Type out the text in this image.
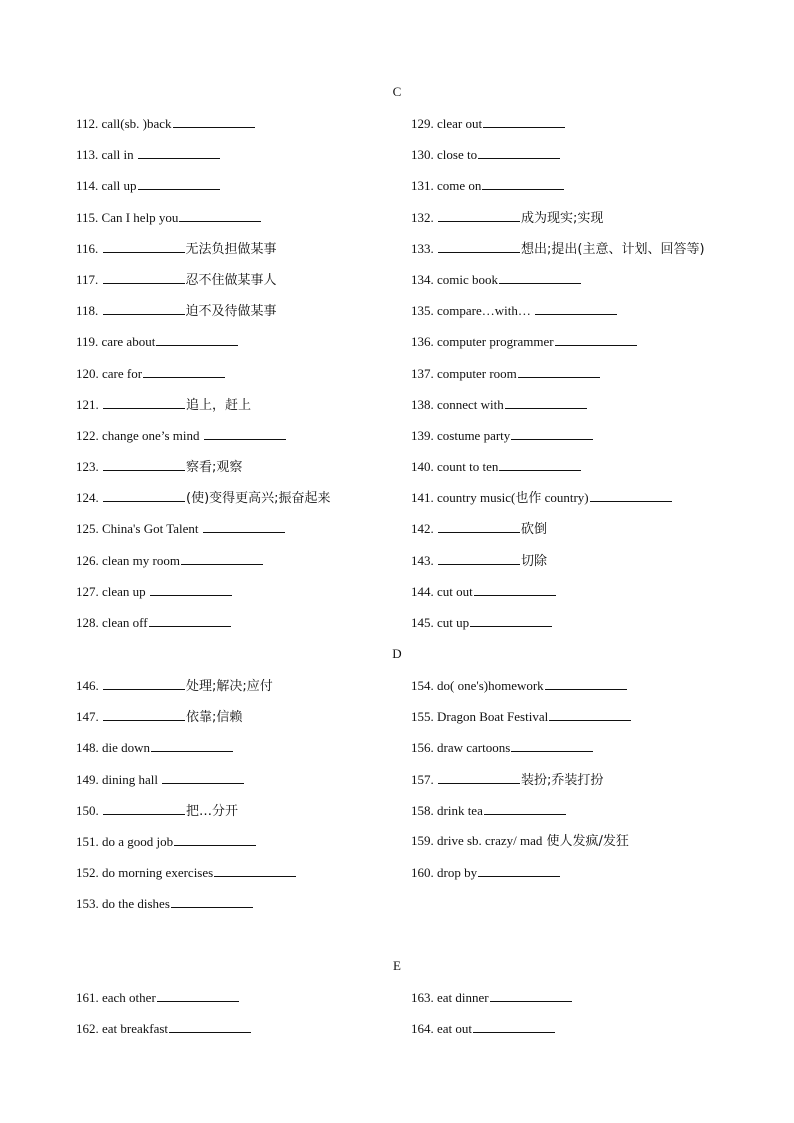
C
112. call(sb. )back
113. call in
114. call up
115. Can I help you
116.	无法负担做某事
117.	忍不住做某事人
118.	迫不及待做某事
119. care about
120. care for
121.	追上，赶上
122. change one’s mind
123.	察看;观察
124.	(使)变得更高兴;振奋起来
125. China's Got Talent
126. clean my room
127. clean up
128. clean off
129. clear out
130. close to
131. come on
132.	成为现实;实现
133.	想出;提出(主意、计划、回答等)
134. comic book
135. compare…with…
136. computer programmer
137. computer room
138. connect with
139. costume party
140. count to ten
141. country music(也作 country)
142.	砍倒
143.	切除
144. cut out
145. cut up
D
146.	处理;解决;应付
147.	依靠;信赖
148. die down
149. dining hall
150.	把…分开
151. do a good job
152. do morning exercises
153. do the dishes
154. do( one's)homework
155. Dragon Boat Festival
156. draw cartoons
157.	装扮;乔装打扮
158. drink tea
159. drive sb. crazy/ mad 使人发疯/发狂
160. drop by
E
161. each other
162. eat breakfast
163. eat dinner
164. eat out
